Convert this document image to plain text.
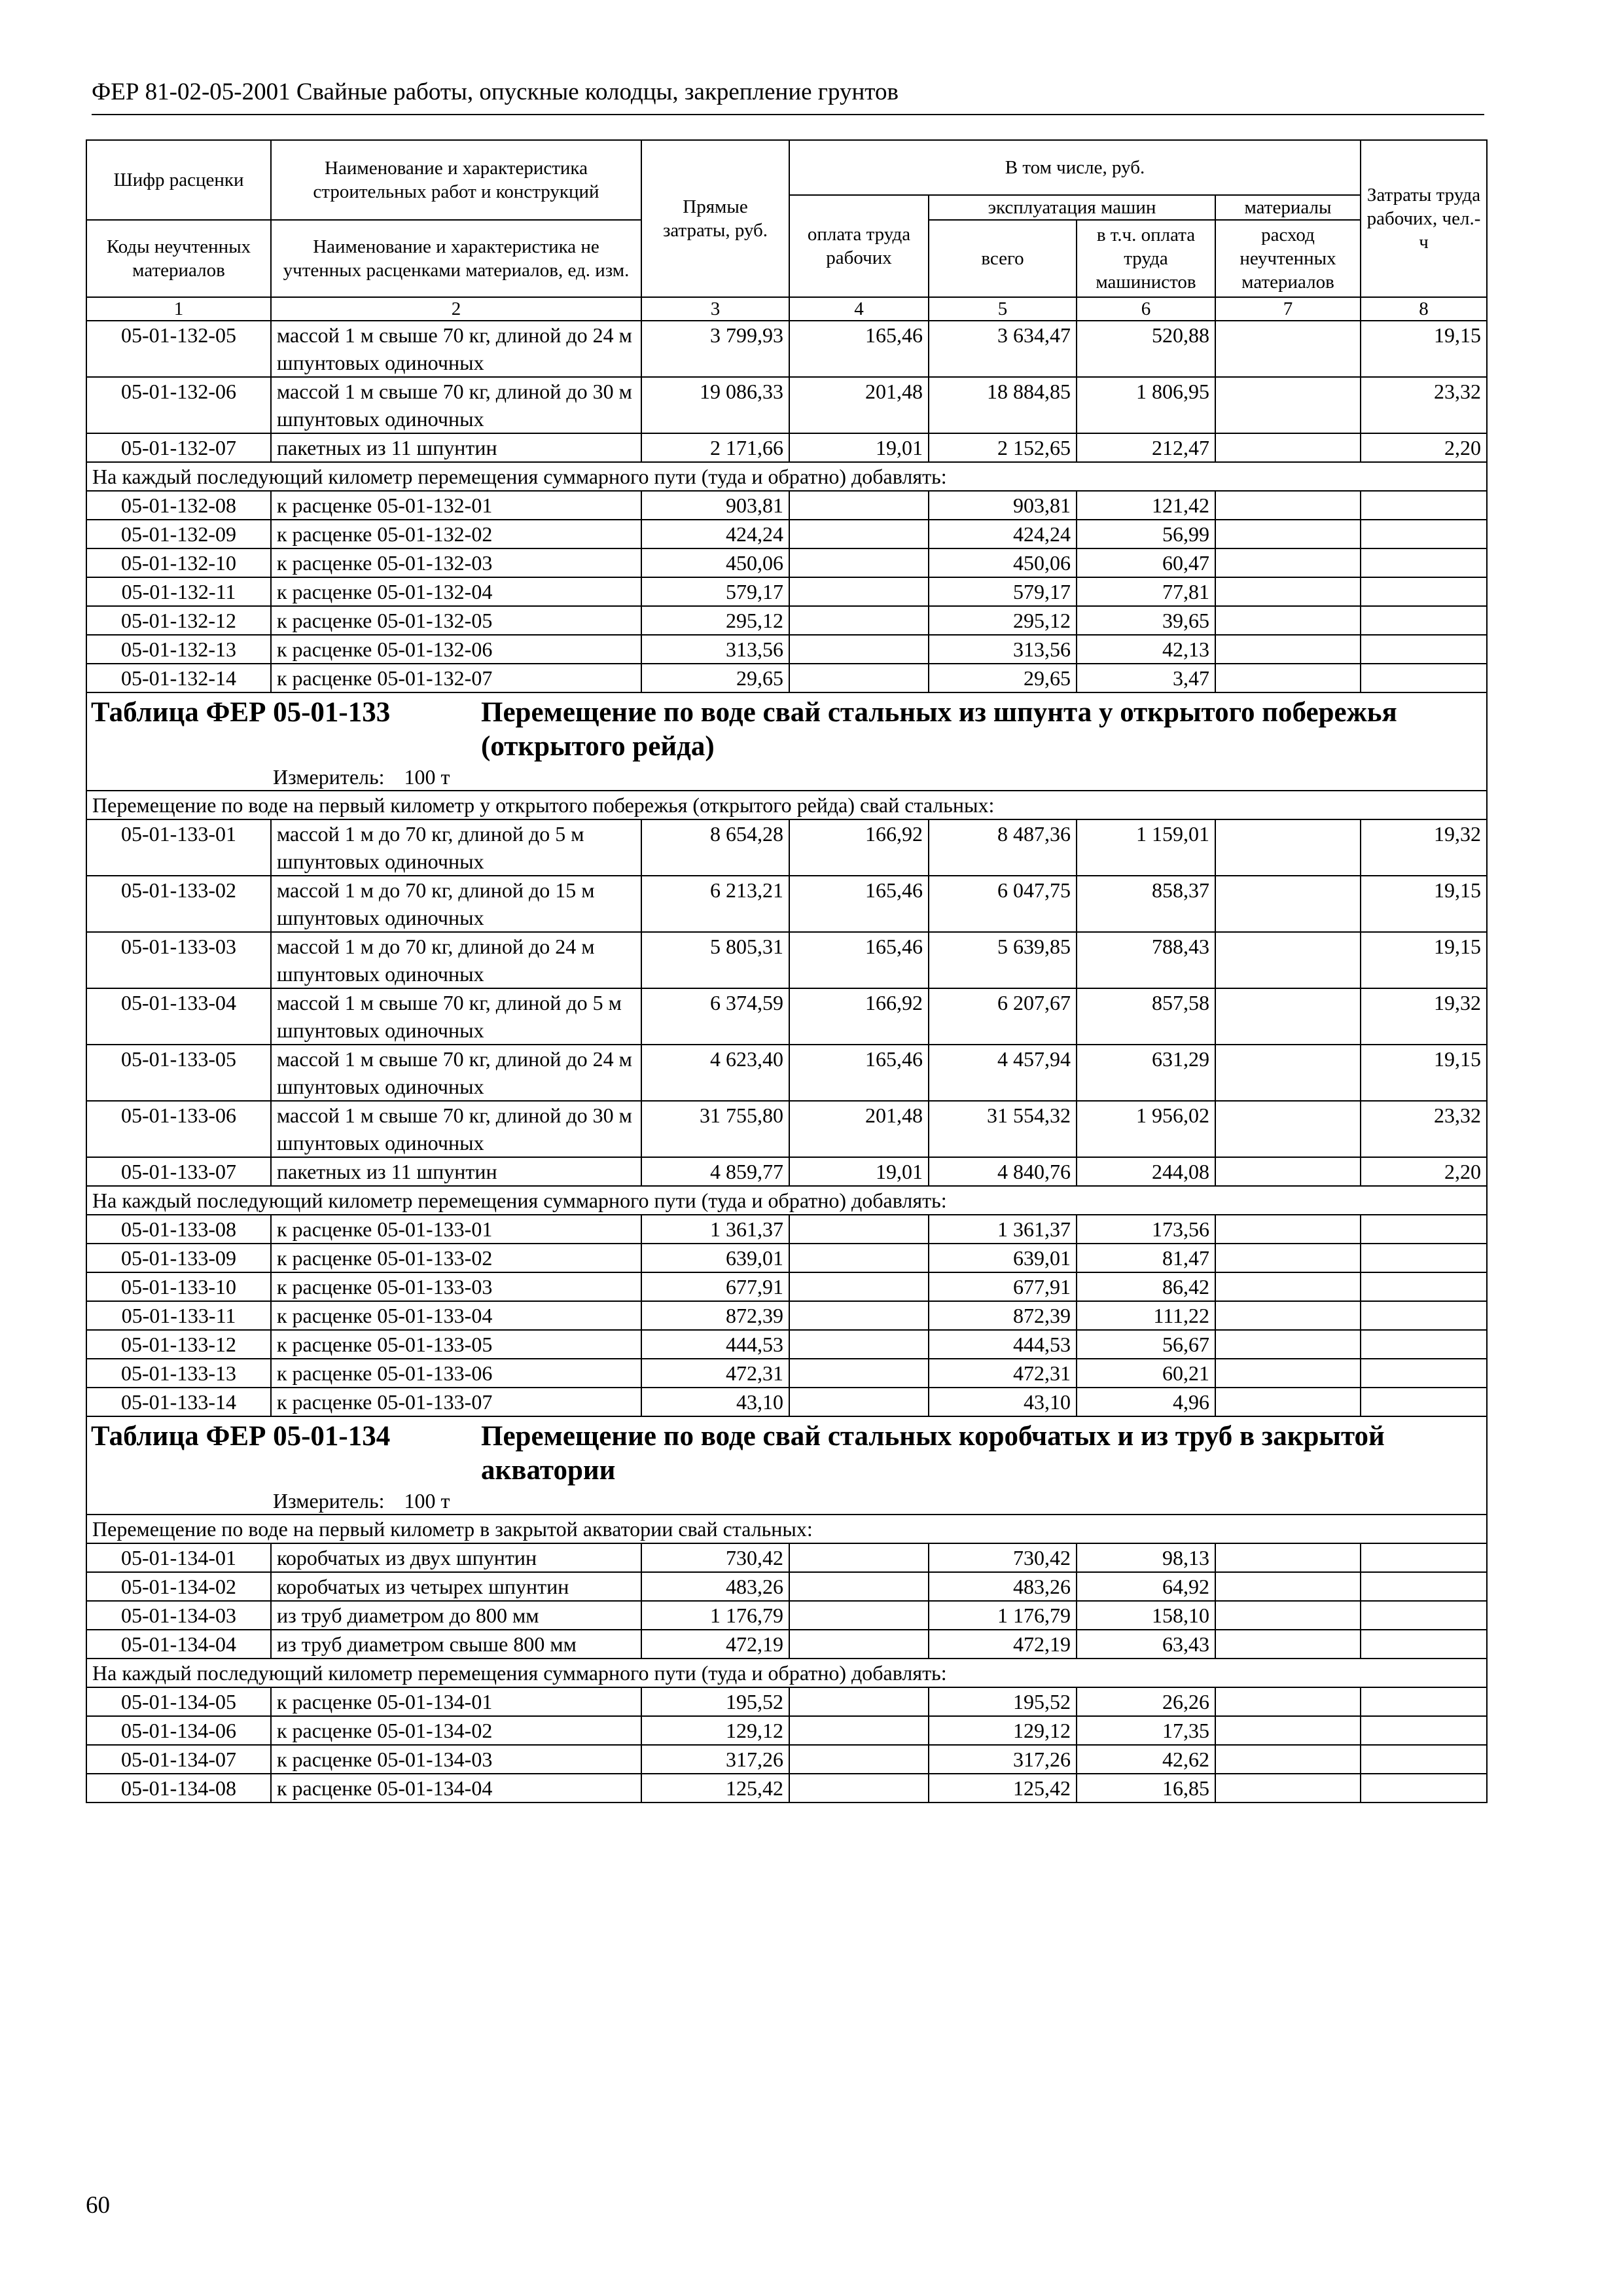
ФЕР 81-02-05-2001 Свайные работы, опускные колодцы, закрепление грунтов
Шифр расценки	Наименование и характеристика строительных работ и конструкций	Прямые затраты, руб.	В том числе, руб.				Затраты труда рабочих, чел.-ч
			оплата труда рабочих	эксплуатация машин		материалы	
Коды неучтенных материалов	Наименование и характеристика не учтенных расценками материалов, ед. изм.			всего	в т.ч. оплата труда машинистов	расход неучтенных материалов	
1	2	3	4	5	6	7	8
05-01-132-05	массой 1 м свыше 70 кг, длиной до 24 м шпунтовых одиночных	3 799,93	165,46	3 634,47	520,88		19,15
05-01-132-06	массой 1 м свыше 70 кг, длиной до 30 м шпунтовых одиночных	19 086,33	201,48	18 884,85	1 806,95		23,32
05-01-132-07	пакетных из 11 шпунтин	2 171,66	19,01	2 152,65	212,47		2,20
На каждый последующий километр перемещения суммарного пути (туда и обратно) добавлять:							
05-01-132-08	к расценке 05-01-132-01	903,81		903,81	121,42		
05-01-132-09	к расценке 05-01-132-02	424,24		424,24	56,99		
05-01-132-10	к расценке 05-01-132-03	450,06		450,06	60,47		
05-01-132-11	к расценке 05-01-132-04	579,17		579,17	77,81		
05-01-132-12	к расценке 05-01-132-05	295,12		295,12	39,65		
05-01-132-13	к расценке 05-01-132-06	313,56		313,56	42,13		
05-01-132-14	к расценке 05-01-132-07	29,65		29,65	3,47		

Таблица ФЕР 05-01-133 Перемещение по воде свай стальных из шпунта у открытого побережья (открытого рейда)
Измеритель: 100 т							

Перемещение по воде на первый километр у открытого побережья (открытого рейда) свай стальных:							
05-01-133-01	массой 1 м до 70 кг, длиной до 5 м шпунтовых одиночных	8 654,28	166,92	8 487,36	1 159,01		19,32
05-01-133-02	массой 1 м до 70 кг, длиной до 15 м шпунтовых одиночных	6 213,21	165,46	6 047,75	858,37		19,15
05-01-133-03	массой 1 м до 70 кг, длиной до 24 м шпунтовых одиночных	5 805,31	165,46	5 639,85	788,43		19,15
05-01-133-04	массой 1 м свыше 70 кг, длиной до 5 м шпунтовых одиночных	6 374,59	166,92	6 207,67	857,58		19,32
05-01-133-05	массой 1 м свыше 70 кг, длиной до 24 м шпунтовых одиночных	4 623,40	165,46	4 457,94	631,29		19,15
05-01-133-06	массой 1 м свыше 70 кг, длиной до 30 м шпунтовых одиночных	31 755,80	201,48	31 554,32	1 956,02		23,32
05-01-133-07	пакетных из 11 шпунтин	4 859,77	19,01	4 840,76	244,08		2,20
На каждый последующий километр перемещения суммарного пути (туда и обратно) добавлять:							
05-01-133-08	к расценке 05-01-133-01	1 361,37		1 361,37	173,56		
05-01-133-09	к расценке 05-01-133-02	639,01		639,01	81,47		
05-01-133-10	к расценке 05-01-133-03	677,91		677,91	86,42		
05-01-133-11	к расценке 05-01-133-04	872,39		872,39	111,22		
05-01-133-12	к расценке 05-01-133-05	444,53		444,53	56,67		
05-01-133-13	к расценке 05-01-133-06	472,31		472,31	60,21		
05-01-133-14	к расценке 05-01-133-07	43,10		43,10	4,96		

Таблица ФЕР 05-01-134 Перемещение по воде свай стальных коробчатых и из труб в закрытой акватории
Измеритель: 100 т							

Перемещение по воде на первый километр в закрытой акватории свай стальных:							
05-01-134-01	коробчатых из двух шпунтин	730,42		730,42	98,13		
05-01-134-02	коробчатых из четырех шпунтин	483,26		483,26	64,92		
05-01-134-03	из труб диаметром до 800 мм	1 176,79		1 176,79	158,10		
05-01-134-04	из труб диаметром свыше 800 мм	472,19		472,19	63,43		
На каждый последующий километр перемещения суммарного пути (туда и обратно) добавлять:							
05-01-134-05	к расценке 05-01-134-01	195,52		195,52	26,26		
05-01-134-06	к расценке 05-01-134-02	129,12		129,12	17,35		
05-01-134-07	к расценке 05-01-134-03	317,26		317,26	42,62		
05-01-134-08	к расценке 05-01-134-04	125,42		125,42	16,85		
60
